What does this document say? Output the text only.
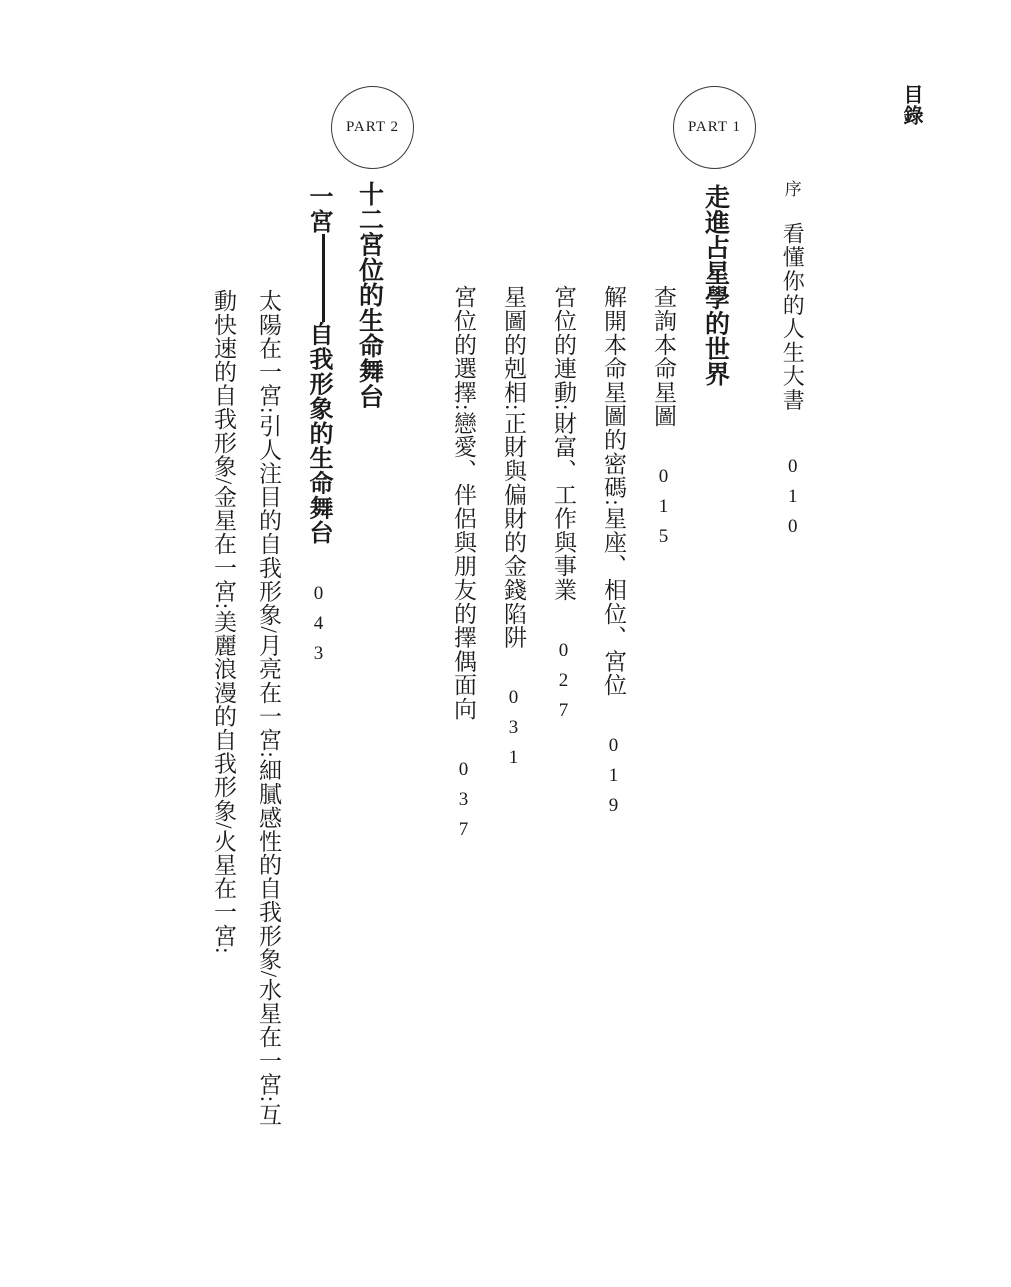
目錄
序
看懂你的人生大書010
PART 1
走進占星學的世界
查詢本命星圖015
解開本命星圖的密碼:星座、相位、宮位019
宮位的連動:財富、工作與事業027
星圖的剋相:正財與偏財的金錢陷阱031
宮位的選擇:戀愛、伴侶與朋友的擇偶面向037
PART 2
十二宮位的生命舞台
一宮自我形象的生命舞台043
太陽在一宮:引人注目的自我形象/月亮在一宮:細膩感性的自我形象/水星在一宮:互動快速的自我形象/金星在一宮:美麗浪漫的自我形象/火星在一宮:
